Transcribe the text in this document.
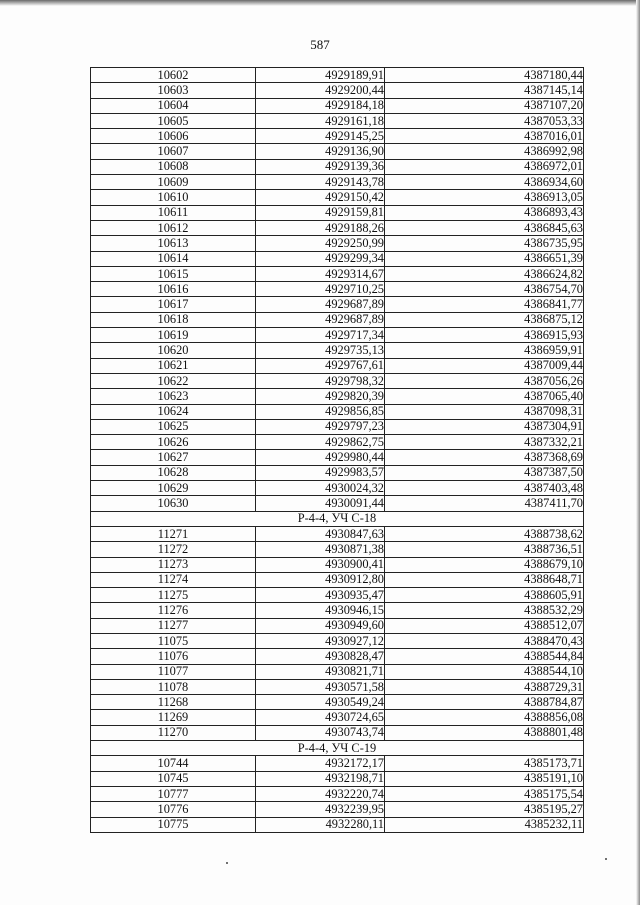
587
10602	4929189,91	4387180,44
10603	4929200,44	4387145,14
10604	4929184,18	4387107,20
10605	4929161,18	4387053,33
10606	4929145,25	4387016,01
10607	4929136,90	4386992,98
10608	4929139,36	4386972,01
10609	4929143,78	4386934,60
10610	4929150,42	4386913,05
10611	4929159,81	4386893,43
10612	4929188,26	4386845,63
10613	4929250,99	4386735,95
10614	4929299,34	4386651,39
10615	4929314,67	4386624,82
10616	4929710,25	4386754,70
10617	4929687,89	4386841,77
10618	4929687,89	4386875,12
10619	4929717,34	4386915,93
10620	4929735,13	4386959,91
10621	4929767,61	4387009,44
10622	4929798,32	4387056,26
10623	4929820,39	4387065,40
10624	4929856,85	4387098,31
10625	4929797,23	4387304,91
10626	4929862,75	4387332,21
10627	4929980,44	4387368,69
10628	4929983,57	4387387,50
10629	4930024,32	4387403,48
10630	4930091,44	4387411,70
Р-4-4, УЧ С-18		
11271	4930847,63	4388738,62
11272	4930871,38	4388736,51
11273	4930900,41	4388679,10
11274	4930912,80	4388648,71
11275	4930935,47	4388605,91
11276	4930946,15	4388532,29
11277	4930949,60	4388512,07
11075	4930927,12	4388470,43
11076	4930828,47	4388544,84
11077	4930821,71	4388544,10
11078	4930571,58	4388729,31
11268	4930549,24	4388784,87
11269	4930724,65	4388856,08
11270	4930743,74	4388801,48
Р-4-4, УЧ С-19		
10744	4932172,17	4385173,71
10745	4932198,71	4385191,10
10777	4932220,74	4385175,54
10776	4932239,95	4385195,27
10775	4932280,11	4385232,11
